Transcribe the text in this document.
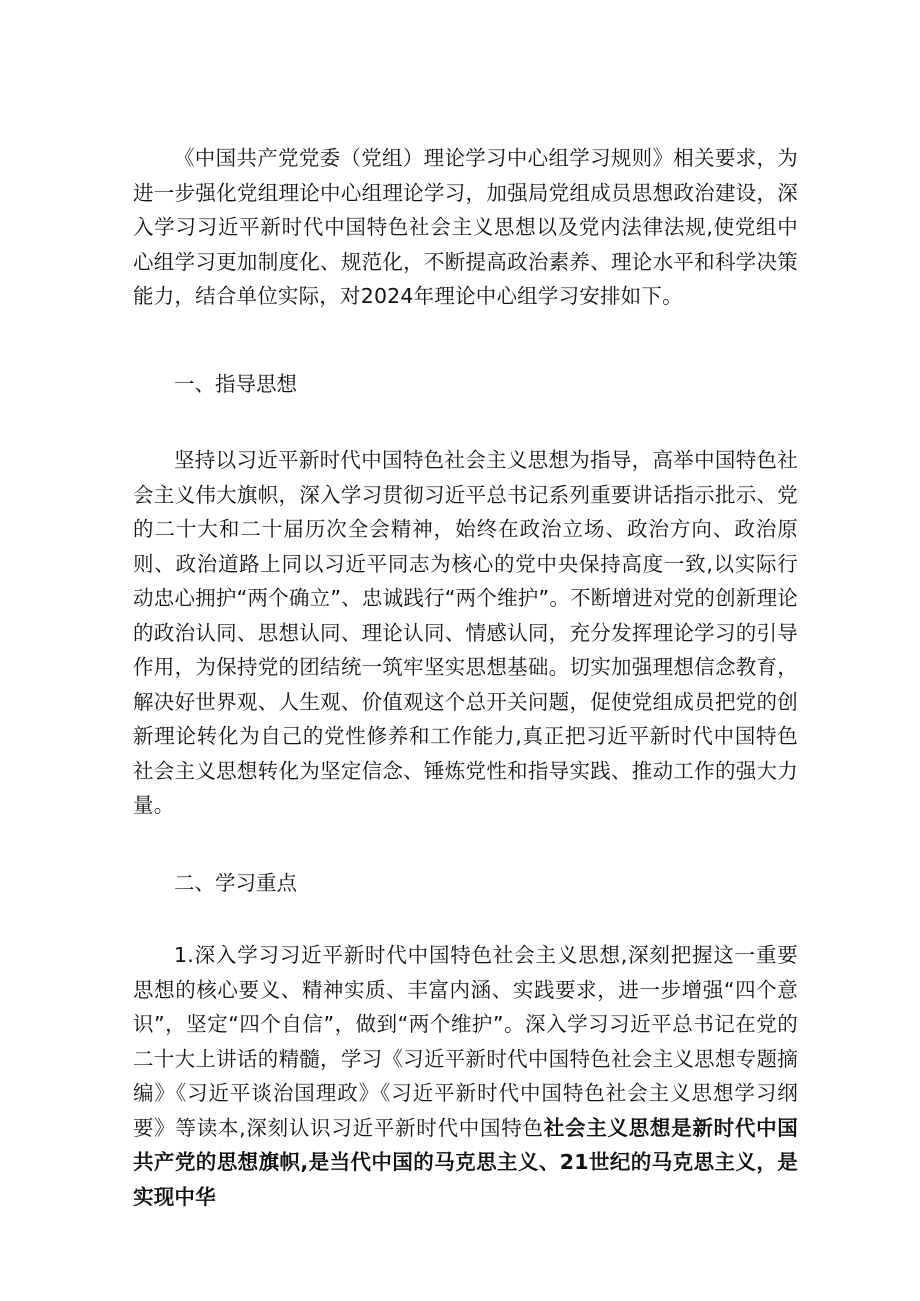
《中国共产党党委（党组）理论学习中心组学习规则》相关要求，为进一步强化党组理论中心组理论学习，加强局党组成员思想政治建设，深入学习习近平新时代中国特色社会主义思想以及党内法律法规,使党组中心组学习更加制度化、规范化，不断提高政治素养、理论水平和科学决策能力，结合单位实际，对2024年理论中心组学习安排如下。

一、指导思想

坚持以习近平新时代中国特色社会主义思想为指导，高举中国特色社会主义伟大旗帜，深入学习贯彻习近平总书记系列重要讲话指示批示、党的二十大和二十届历次全会精神，始终在政治立场、政治方向、政治原则、政治道路上同以习近平同志为核心的党中央保持高度一致,以实际行动忠心拥护“两个确立”、忠诚践行“两个维护”。不断增进对党的创新理论的政治认同、思想认同、理论认同、情感认同，充分发挥理论学习的引导作用，为保持党的团结统一筑牢坚实思想基础。切实加强理想信念教育，解决好世界观、人生观、价值观这个总开关问题，促使党组成员把党的创新理论转化为自己的党性修养和工作能力,真正把习近平新时代中国特色社会主义思想转化为坚定信念、锤炼党性和指导实践、推动工作的强大力量。

二、学习重点

1.深入学习习近平新时代中国特色社会主义思想,深刻把握这一重要思想的核心要义、精神实质、丰富内涵、实践要求，进一步增强“四个意识”，坚定“四个自信”，做到“两个维护”。深入学习习近平总书记在党的二十大上讲话的精髓，学习《习近平新时代中国特色社会主义思想专题摘编》《习近平谈治国理政》《习近平新时代中国特色社会主义思想学习纲要》等读本,深刻认识习近平新时代中国特色社会主义思想是新时代中国共产党的思想旗帜,是当代中国的马克思主义、21世纪的马克思主义，是实现中华
